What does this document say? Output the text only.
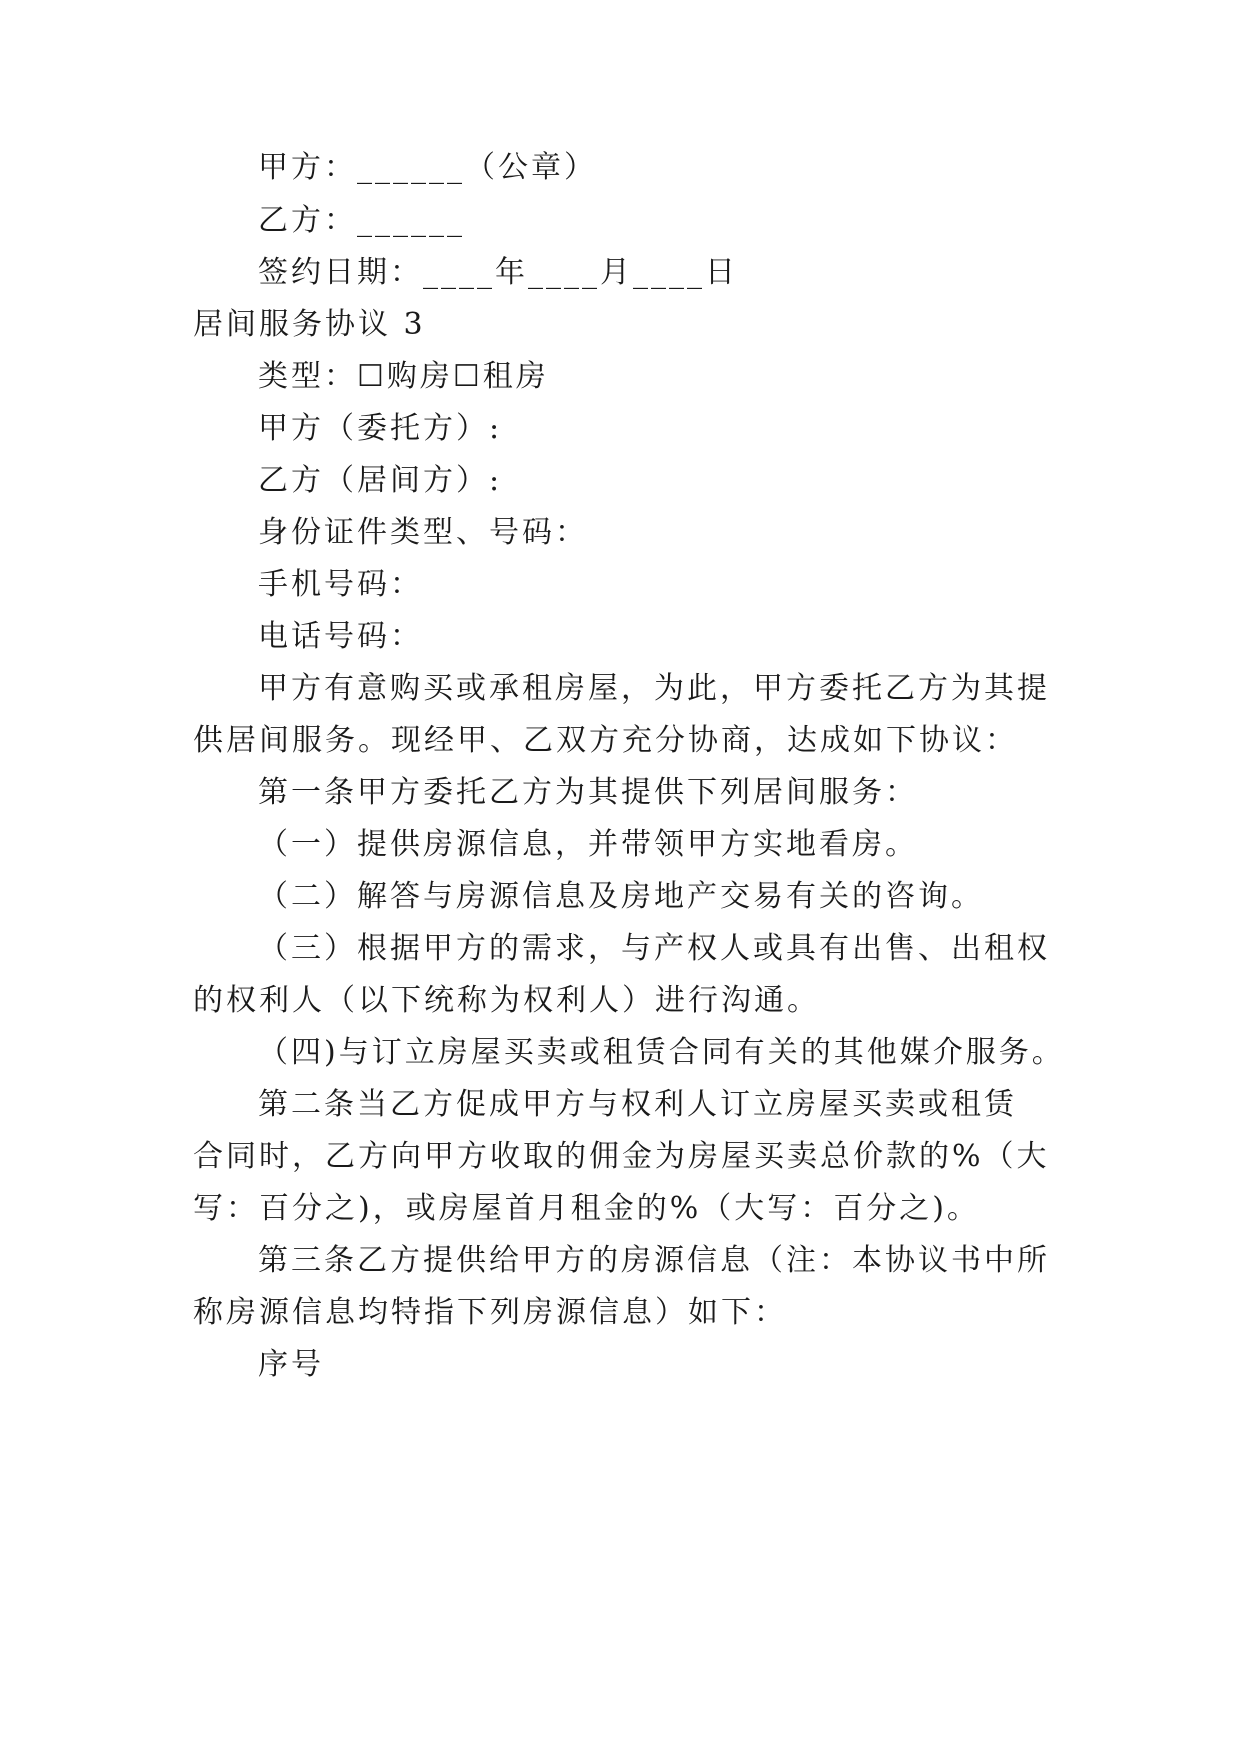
甲方：______（公章）
乙方：______
签约日期：____年____月____日
居间服务协议 3
类型：☐购房☐租房
甲方（委托方）:
乙方（居间方）:
身份证件类型、号码：
手机号码：
电话号码：
甲方有意购买或承租房屋，为此，甲方委托乙方为其提
供居间服务。现经甲、乙双方充分协商，达成如下协议：
第一条甲方委托乙方为其提供下列居间服务：
（一）提供房源信息，并带领甲方实地看房。
（二）解答与房源信息及房地产交易有关的咨询。
（三）根据甲方的需求，与产权人或具有出售、出租权
的权利人（以下统称为权利人）进行沟通。
（四)与订立房屋买卖或租赁合同有关的其他媒介服务。
第二条当乙方促成甲方与权利人订立房屋买卖或租赁
合同时，乙方向甲方收取的佣金为房屋买卖总价款的%（大
写：百分之)，或房屋首月租金的%（大写：百分之)。
第三条乙方提供给甲方的房源信息（注：本协议书中所
称房源信息均特指下列房源信息）如下：
序号
